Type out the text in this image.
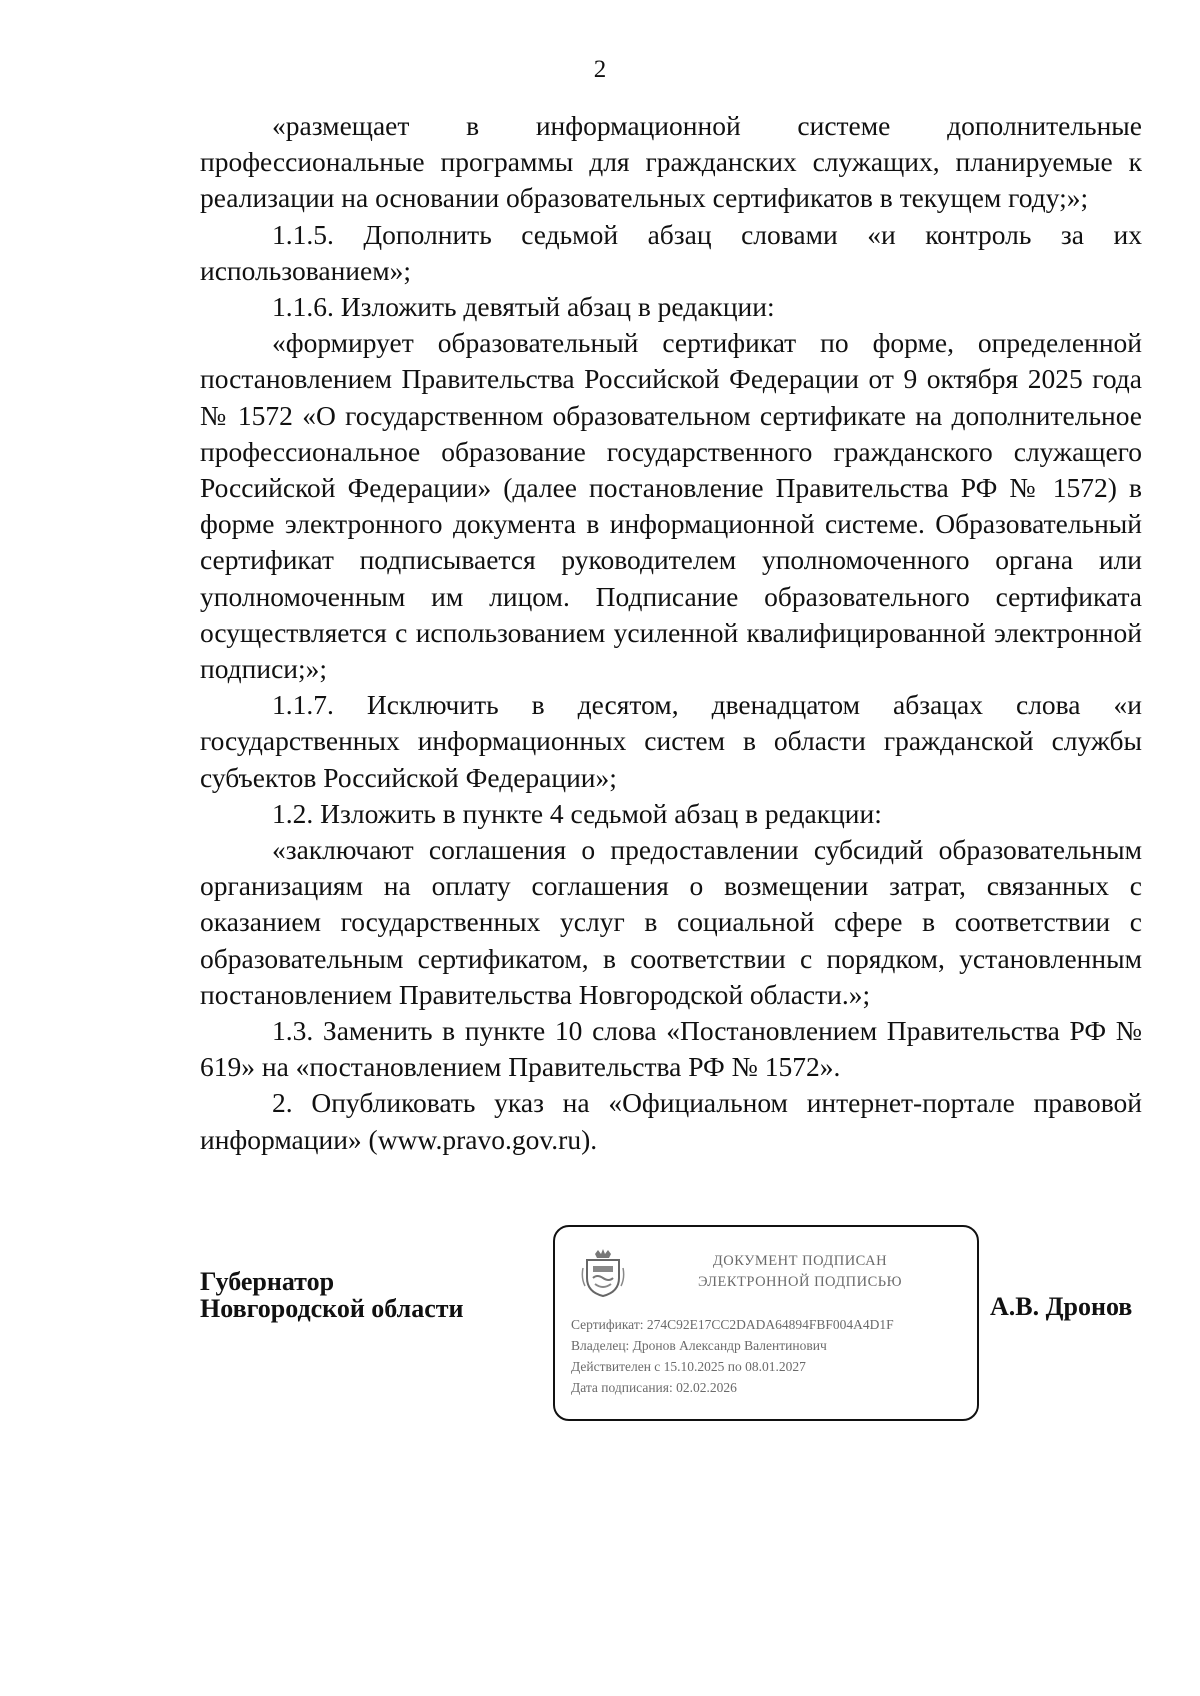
2

«размещает в информационной системе дополнительные профессиональные программы для гражданских служащих, планируемые к реализации на основании образовательных сертификатов в текущем году;»;

1.1.5. Дополнить седьмой абзац словами «и контроль за их использованием»;

1.1.6. Изложить девятый абзац в редакции:

«формирует образовательный сертификат по форме, определенной постановлением Правительства Российской Федерации от 9 октября 2025 года № 1572 «О государственном образовательном сертификате на дополнительное профессиональное образование государственного гражданского служащего Российской Федерации» (далее постановление Правительства РФ № 1572) в форме электронного документа в информационной системе. Образовательный сертификат подписывается руководителем уполномоченного органа или уполномоченным им лицом. Подписание образовательного сертификата осуществляется с использованием усиленной квалифицированной электронной подписи;»;

1.1.7. Исключить в десятом, двенадцатом абзацах слова «и государственных информационных систем в области гражданской службы субъектов Российской Федерации»;

1.2. Изложить в пункте 4 седьмой абзац в редакции:

«заключают соглашения о предоставлении субсидий образовательным организациям на оплату соглашения о возмещении затрат, связанных с оказанием государственных услуг в социальной сфере в соответствии с образовательным сертификатом, в соответствии с порядком, установленным постановлением Правительства Новгородской области.»;

1.3. Заменить в пункте 10 слова «Постановлением Правительства РФ № 619» на «постановлением Правительства РФ № 1572».

2. Опубликовать указ на «Официальном интернет-портале правовой информации» (www.pravo.gov.ru).

Губернатор
Новгородской области
ДОКУМЕНТ ПОДПИСАН
ЭЛЕКТРОННОЙ ПОДПИСЬЮ
Сертификат: 274C92E17CC2DADA64894FBF004A4D1F
Владелец: Дронов Александр Валентинович
Действителен с 15.10.2025 по 08.01.2027
Дата подписания: 02.02.2026
А.В. Дронов
